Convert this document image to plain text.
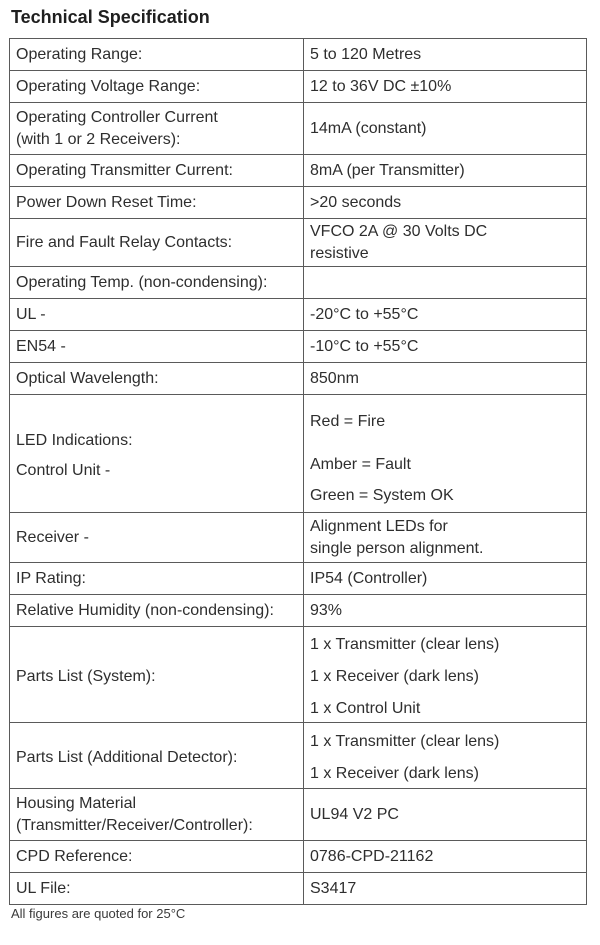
Technical Specification
Operating Range:	5 to 120 Metres
Operating Voltage Range:	12 to 36V DC ±10%

Operating Controller Current
(with 1 or 2 Receivers):	14mA (constant)
Operating Transmitter Current:	8mA (per Transmitter)
Power Down Reset Time:	>20 seconds
Fire and Fault Relay Contacts:	VFCO 2A @ 30 Volts DC
resistive

Operating Temp. (non-condensing):	
UL -	-20°C to +55°C
EN54 -	-10°C to +55°C
Optical Wavelength:	850nm

LED Indications:
Control Unit -	Red = Fire
Amber = Fault
Green = System OK

Receiver -	Alignment LEDs for
single person alignment.

IP Rating:	IP54 (Controller)
Relative Humidity (non-condensing):	93%

Parts List (System):	1 x Transmitter (clear lens)
1 x Receiver (dark lens)
1 x Control Unit

Parts List (Additional Detector):	1 x Transmitter (clear lens)
1 x Receiver (dark lens)

Housing Material
(Transmitter/Receiver/Controller):	UL94 V2 PC
CPD Reference:	0786-CPD-21162
UL File:	S3417
All figures are quoted for 25°C
